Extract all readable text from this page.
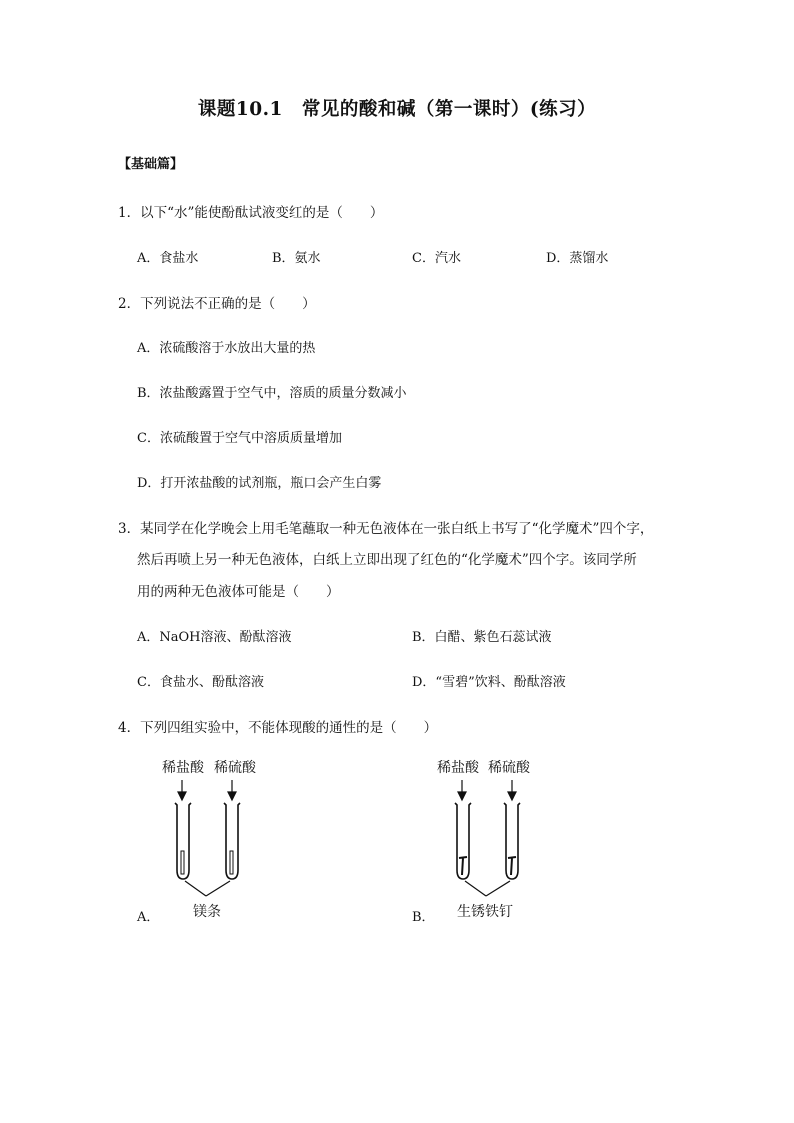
课题10.1　常见的酸和碱（第一课时）(练习）
【基础篇】
1．以下“水”能使酚酞试液变红的是（　　）
A．食盐水	B．氨水	C．汽水	D．蒸馏水
2．下列说法不正确的是（　　）
A．浓硫酸溶于水放出大量的热
B．浓盐酸露置于空气中，溶质的质量分数减小
C．浓硫酸置于空气中溶质质量增加
D．打开浓盐酸的试剂瓶，瓶口会产生白雾
3．某同学在化学晚会上用毛笔蘸取一种无色液体在一张白纸上书写了“化学魔术”四个字，
然后再喷上另一种无色液体，白纸上立即出现了红色的“化学魔术”四个字。该同学所
用的两种无色液体可能是（　　）
A．NaOH溶液、酚酞溶液	B．白醋、紫色石蕊试液
C．食盐水、酚酞溶液	D．“雪碧”饮料、酚酞溶液
4．下列四组实验中，不能体现酸的通性的是（　　）
稀盐酸 稀硫酸
A． 镁条
稀盐酸 稀硫酸
B． 生锈铁钉
